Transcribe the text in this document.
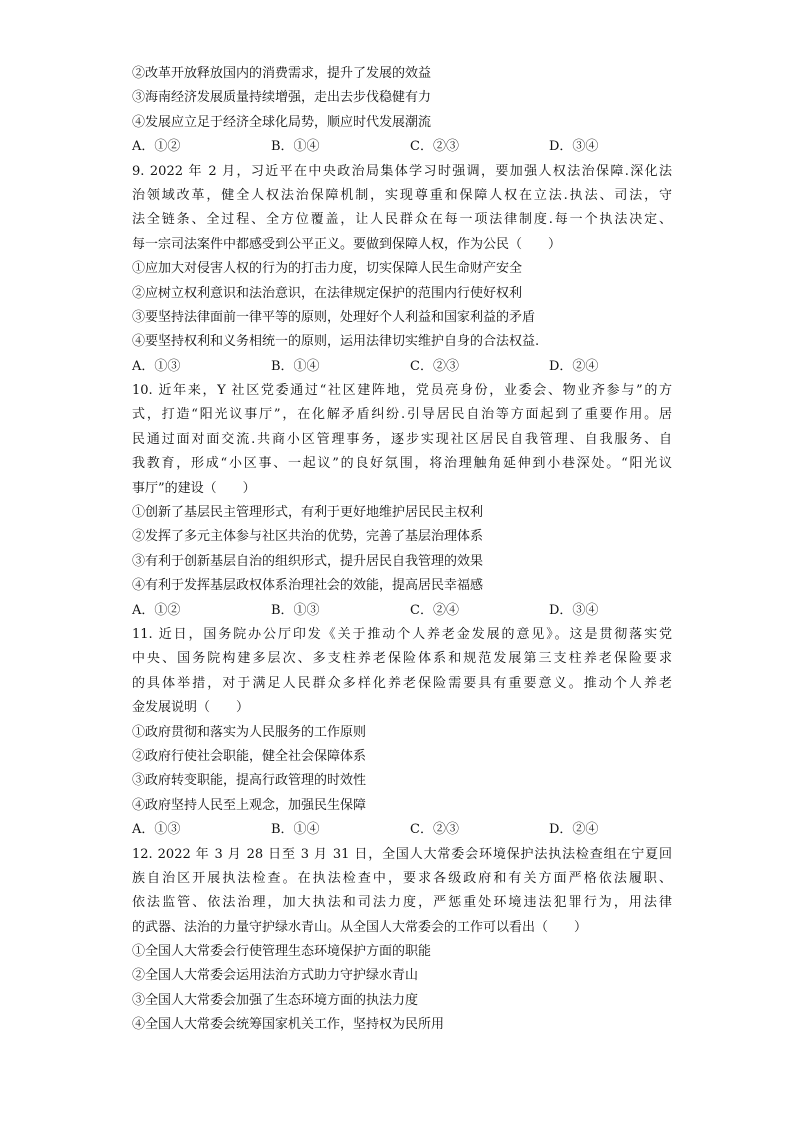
②改革开放释放国内的消费需求，提升了发展的效益
③海南经济发展质量持续增强，走出去步伐稳健有力
④发展应立足于经济全球化局势，顺应时代发展潮流
A．①②	B．①④	C．②③	D．③④
9. 2022 年 2 月，习近平在中央政治局集体学习时强调，要加强人权法治保障.深化法
治领域改革，健全人权法治保障机制，实现尊重和保障人权在立法.执法、司法，守
法全链条、全过程、全方位覆盖，让人民群众在每一项法律制度.每一个执法决定、
每一宗司法案件中都感受到公平正义。要做到保障人权，作为公民（　　）
①应加大对侵害人权的行为的打击力度，切实保障人民生命财产安全
②应树立权利意识和法治意识，在法律规定保护的范围内行使好权利
③要坚持法律面前一律平等的原则，处理好个人利益和国家利益的矛盾
④要坚持权利和义务相统一的原则，运用法律切实维护自身的合法权益.
A．①③	B．①④	C．②③	D．②④
10. 近年来，Y 社区党委通过“社区建阵地，党员亮身份，业委会、物业齐参与”的方
式，打造“阳光议事厅”，在化解矛盾纠纷.引导居民自治等方面起到了重要作用。居
民通过面对面交流.共商小区管理事务，逐步实现社区居民自我管理、自我服务、自
我教育，形成“小区事、一起议”的良好氛围，将治理触角延伸到小巷深处。“阳光议
事厅”的建设（　　）
①创新了基层民主管理形式，有利于更好地维护居民民主权利
②发挥了多元主体参与社区共治的优势，完善了基层治理体系
③有利于创新基层自治的组织形式，提升居民自我管理的效果
④有利于发挥基层政权体系治理社会的效能，提高居民幸福感
A．①②	B．①③	C．②④	D．③④
11. 近日，国务院办公厅印发《关于推动个人养老金发展的意见》。这是贯彻落实党
中央、国务院构建多层次、多支柱养老保险体系和规范发展第三支柱养老保险要求
的具体举措，对于满足人民群众多样化养老保险需要具有重要意义。推动个人养老
金发展说明（　　）
①政府贯彻和落实为人民服务的工作原则
②政府行使社会职能，健全社会保障体系
③政府转变职能，提高行政管理的时效性
④政府坚持人民至上观念，加强民生保障
A．①③	B．①④	C．②③	D．②④
12. 2022 年 3 月 28 日至 3 月 31 日，全国人大常委会环境保护法执法检查组在宁夏回
族自治区开展执法检查。在执法检查中，要求各级政府和有关方面严格依法履职、
依法监管、依法治理，加大执法和司法力度，严惩重处环境违法犯罪行为，用法律
的武器、法治的力量守护绿水青山。从全国人大常委会的工作可以看出（　　）
①全国人大常委会行使管理生态环境保护方面的职能
②全国人大常委会运用法治方式助力守护绿水青山
③全国人大常委会加强了生态环境方面的执法力度
④全国人大常委会统筹国家机关工作，坚持权为民所用
